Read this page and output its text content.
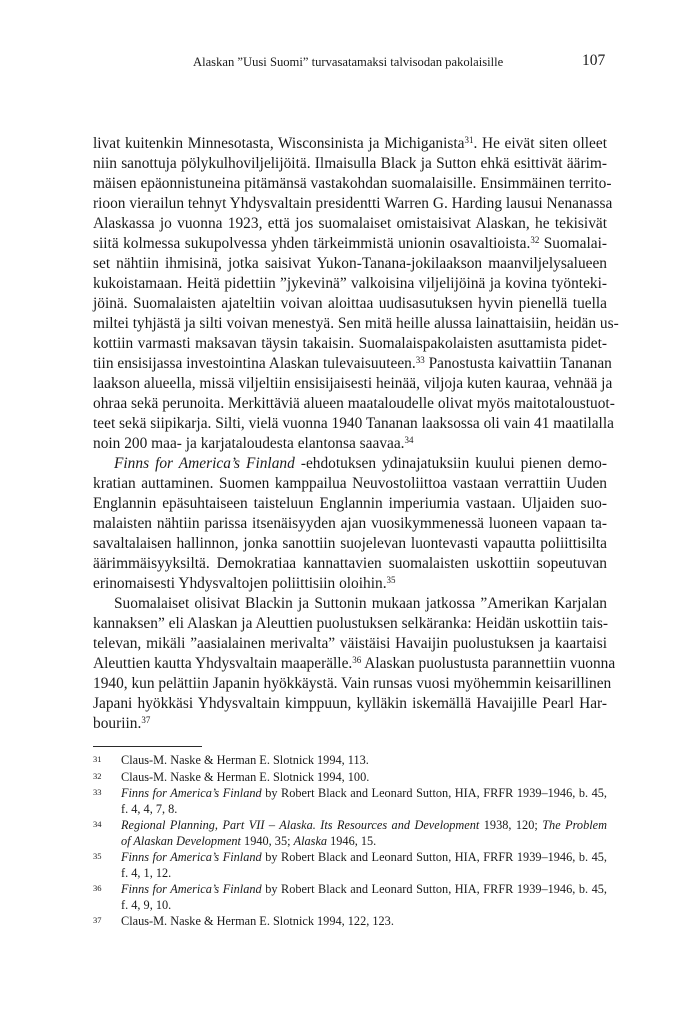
Alaskan ”Uusi Suomi” turvasatamaksi talvisodan pakolaisille	107
livat kuitenkin Minnesotasta, Wisconsinista ja Michiganista$^{31}$. He eivät siten olleet
niin sanottuja pölykulhoviljelijöitä. Ilmaisulla Black ja Sutton ehkä esittivät äärim-
mäisen epäonnistuneina pitämänsä vastakohdan suomalaisille. Ensimmäinen territo-
rioon vierailun tehnyt Yhdysvaltain presidentti Warren G. Harding lausui Nenanassa
Alaskassa jo vuonna 1923, että jos suomalaiset omistaisivat Alaskan, he tekisivät
siitä kolmessa sukupolvessa yhden tärkeimmistä unionin osavaltioista.$^{32}$ Suomalai-
set nähtiin ihmisinä, jotka saisivat Yukon-Tanana-jokilaakson maanviljelysalueen
kukoistamaan. Heitä pidettiin ”jykevinä” valkoisina viljelijöinä ja kovina työnteki-
jöinä. Suomalaisten ajateltiin voivan aloittaa uudisasutuksen hyvin pienellä tuella
miltei tyhjästä ja silti voivan menestyä. Sen mitä heille alussa lainattaisiin, heidän us-
kottiin varmasti maksavan täysin takaisin. Suomalaispakolaisten asuttamista pidet-
tiin ensisijassa investointina Alaskan tulevaisuuteen.$^{33}$ Panostusta kaivattiin Tananan
laakson alueella, missä viljeltiin ensisijaisesti heinää, viljoja kuten kauraa, vehnää ja
ohraa sekä perunoita. Merkittäviä alueen maataloudelle olivat myös maitotaloustuot-
teet sekä siipikarja. Silti, vielä vuonna 1940 Tananan laaksossa oli vain 41 maatilalla
noin 200 maa- ja karjataloudesta elantonsa saavaa.$^{34}$
Finns for America’s Finland -ehdotuksen ydinajatuksiin kuului pienen demo-
kratian auttaminen. Suomen kamppailua Neuvostoliittoa vastaan verrattiin Uuden
Englannin epäsuhtaiseen taisteluun Englannin imperiumia vastaan. Uljaiden suo-
malaisten nähtiin parissa itsenäisyyden ajan vuosikymmenessä luoneen vapaan ta-
savaltalaisen hallinnon, jonka sanottiin suojelevan luontevasti vapautta poliittisilta
äärimmäisyyksiltä. Demokratiaa kannattavien suomalaisten uskottiin sopeutuvan
erinomaisesti Yhdysvaltojen poliittisiin oloihin.$^{35}$
Suomalaiset olisivat Blackin ja Suttonin mukaan jatkossa ”Amerikan Karjalan
kannaksen” eli Alaskan ja Aleuttien puolustuksen selkäranka: Heidän uskottiin tais-
televan, mikäli ”aasialainen merivalta” väistäisi Havaijin puolustuksen ja kaartaisi
Aleuttien kautta Yhdysvaltain maaperälle.$^{36}$ Alaskan puolustusta parannettiin vuonna
1940, kun pelättiin Japanin hyökkäystä. Vain runsas vuosi myöhemmin keisarillinen
Japani hyökkäsi Yhdysvaltain kimppuun, kylläkin iskemällä Havaijille Pearl Har-
bouriin.$^{37}$
31 Claus-M. Naske & Herman E. Slotnick 1994, 113.
32 Claus-M. Naske & Herman E. Slotnick 1994, 100.
33 Finns for America’s Finland by Robert Black and Leonard Sutton, HIA, FRFR 1939–1946, b. 45,
f. 4, 4, 7, 8.
34 Regional Planning, Part VII – Alaska. Its Resources and Development 1938, 120; The Problem
of Alaskan Development 1940, 35; Alaska 1946, 15.
35 Finns for America’s Finland by Robert Black and Leonard Sutton, HIA, FRFR 1939–1946, b. 45,
f. 4, 1, 12.
36 Finns for America’s Finland by Robert Black and Leonard Sutton, HIA, FRFR 1939–1946, b. 45,
f. 4, 9, 10.
37 Claus-M. Naske & Herman E. Slotnick 1994, 122, 123.
